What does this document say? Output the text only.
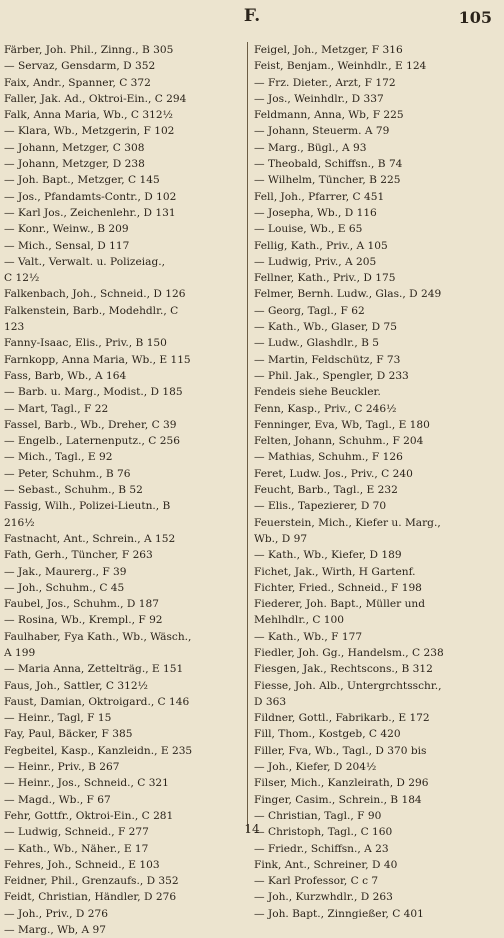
F.	105
Färber, Joh. Phil., Zinng., B 305
— Servaz, Gensdarm, D 352
Faix, Andr., Spanner, C 372
Faller, Jak. Ad., Oktroi-Ein., C 294
Falk, Anna Maria, Wb., C 312½
— Klara, Wb., Metzgerin, F 102
— Johann, Metzger, C 308
— Johann, Metzger, D 238
— Joh. Bapt., Metzger, C 145
— Jos., Pfandamts-Contr., D 102
— Karl Jos., Zeichenlehr., D 131
— Konr., Weinw., B 209
— Mich., Sensal, D 117
— Valt., Verwalt. u. Polizeiag.,
C 12½
Falkenbach, Joh., Schneid., D 126
Falkenstein, Barb., Modehdlr., C
123
Fanny-Isaac, Elis., Priv., B 150
Farnkopp, Anna Maria, Wb., E 115
Fass, Barb, Wb., A 164
— Barb. u. Marg., Modist., D 185
— Mart, Tagl., F 22
Fassel, Barb., Wb., Dreher, C 39
— Engelb., Laternenputz., C 256
— Mich., Tagl., E 92
— Peter, Schuhm., B 76
— Sebast., Schuhm., B 52
Fassig, Wilh., Polizei-Lieutn., B
216½
Fastnacht, Ant., Schrein., A 152
Fath, Gerh., Tüncher, F 263
— Jak., Maurerg., F 39
— Joh., Schuhm., C 45
Faubel, Jos., Schuhm., D 187
— Rosina, Wb., Krempl., F 92
Faulhaber, Fya Kath., Wb., Wäsch.,
A 199
— Maria Anna, Zettelträg., E 151
Faus, Joh., Sattler, C 312½
Faust, Damian, Oktroigard., C 146
— Heinr., Tagl, F 15
Fay, Paul, Bäcker, F 385
Fegbeitel, Kasp., Kanzleidn., E 235
— Heinr., Priv., B 267
— Heinr., Jos., Schneid., C 321
— Magd., Wb., F 67
Fehr, Gottfr., Oktroi-Ein., C 281
— Ludwig, Schneid., F 277
— Kath., Wb., Näher., E 17
Fehres, Joh., Schneid., E 103
Feidner, Phil., Grenzaufs., D 352
Feidt, Christian, Händler, D 276
— Joh., Priv., D 276
— Marg., Wb, A 97
Feigel, Joh., Metzger, F 316
Feist, Benjam., Weinhdlr., E 124
— Frz. Dieter., Arzt, F 172
— Jos., Weinhdlr., D 337
Feldmann, Anna, Wb, F 225
— Johann, Steuerm. A 79
— Marg., Bügl., A 93
— Theobald, Schiffsn., B 74
— Wilhelm, Tüncher, B 225
Fell, Joh., Pfarrer, C 451
— Josepha, Wb., D 116
— Louise, Wb., E 65
Fellig, Kath., Priv., A 105
— Ludwig, Priv., A 205
Fellner, Kath., Priv., D 175
Felmer, Bernh. Ludw., Glas., D 249
— Georg, Tagl., F 62
— Kath., Wb., Glaser, D 75
— Ludw., Glashdlr., B 5
— Martin, Feldschütz, F 73
— Phil. Jak., Spengler, D 233
Fendeis siehe Beuckler.
Fenn, Kasp., Priv., C 246½
Fenninger, Eva, Wb, Tagl., E 180
Felten, Johann, Schuhm., F 204
— Mathias, Schuhm., F 126
Feret, Ludw. Jos., Priv., C 240
Feucht, Barb., Tagl., E 232
— Elis., Tapezierer, D 70
Feuerstein, Mich., Kiefer u. Marg.,
Wb., D 97
— Kath., Wb., Kiefer, D 189
Fichet, Jak., Wirth, H Gartenf.
Fichter, Fried., Schneid., F 198
Fiederer, Joh. Bapt., Müller und
Mehlhdlr., C 100
— Kath., Wb., F 177
Fiedler, Joh. Gg., Handelsm., C 238
Fiesgen, Jak., Rechtscons., B 312
Fiesse, Joh. Alb., Untergrchtsschr.,
D 363
Fildner, Gottl., Fabrikarb., E 172
Fill, Thom., Kostgeb, C 420
Filler, Fva, Wb., Tagl., D 370 bis
— Joh., Kiefer, D 204½
Filser, Mich., Kanzleirath, D 296
Finger, Casim., Schrein., B 184
— Christian, Tagl., F 90
— Christoph, Tagl., C 160
— Friedr., Schiffsn., A 23
Fink, Ant., Schreiner, D 40
— Karl Professor, C c 7
— Joh., Kurzwhdlr., D 263
— Joh. Bapt., Zinngießer, C 401
14
